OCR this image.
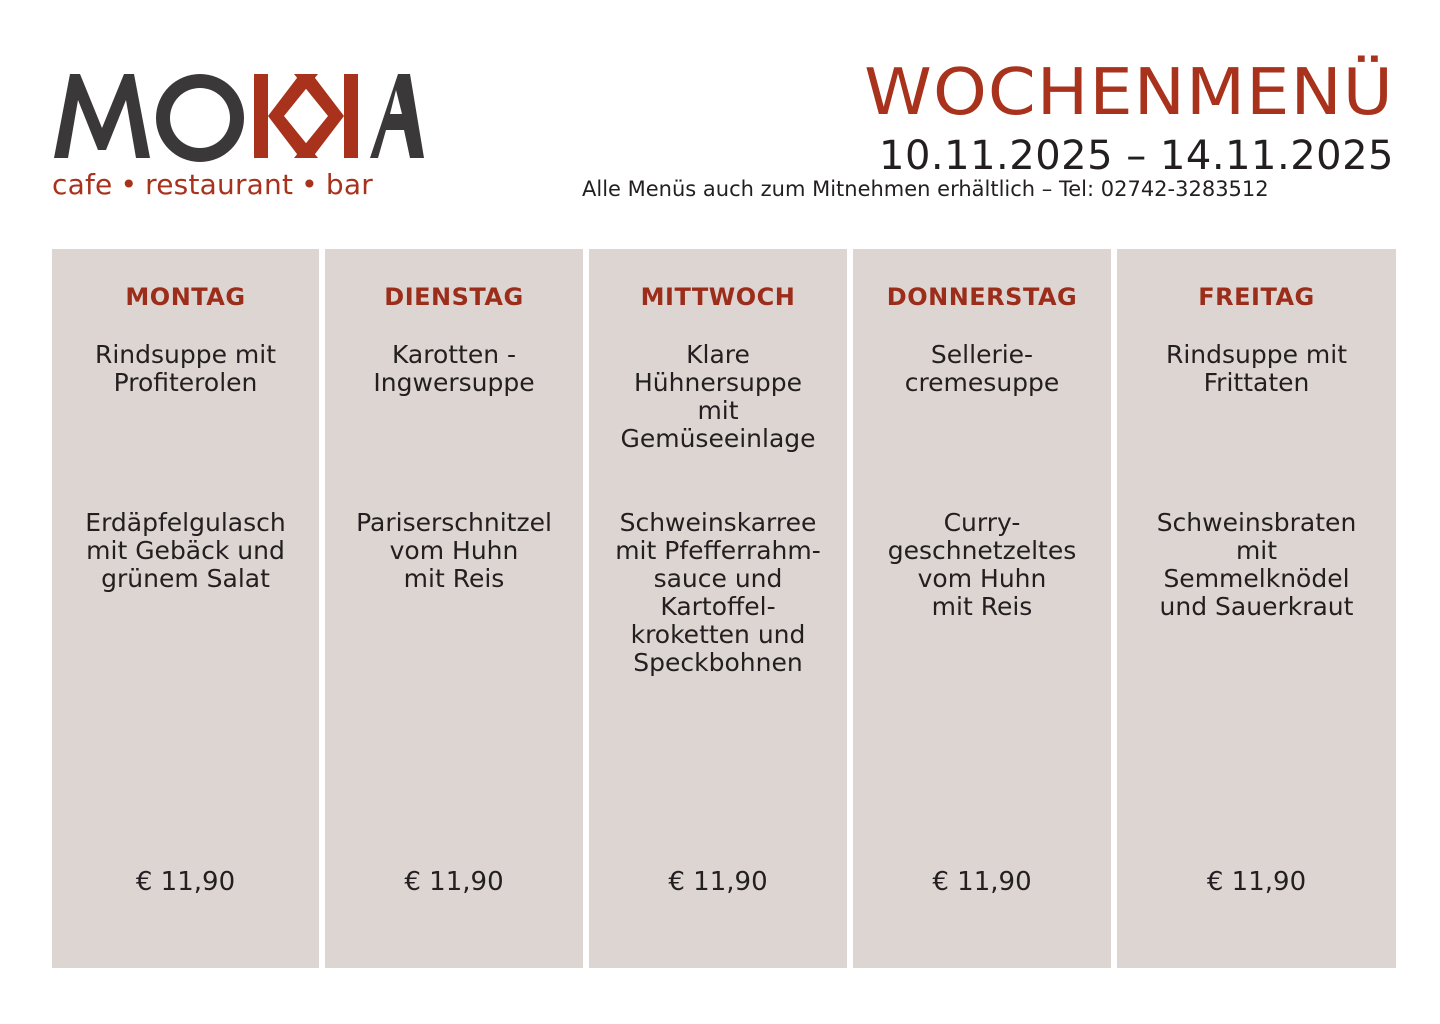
cafe • restaurant • bar
WOCHENMENÜ
10.11.2025 – 14.11.2025
Alle Menüs auch zum Mitnehmen erhältlich – Tel: 02742-3283512
MONTAG
Rindsuppe mit
Profiterolen
Erdäpfelgulasch
mit Gebäck und
grünem Salat
€ 11,90
DIENSTAG
Karotten -
Ingwersuppe
Pariserschnitzel
vom Huhn
mit Reis
€ 11,90
MITTWOCH
Klare
Hühnersuppe
mit
Gemüseeinlage
Schweinskarree
mit Pfefferrahm-
sauce und
Kartoffel-
kroketten und
Speckbohnen
€ 11,90
DONNERSTAG
Sellerie-
cremesuppe
Curry-
geschnetzeltes
vom Huhn
mit Reis
€ 11,90
FREITAG
Rindsuppe mit
Frittaten
Schweinsbraten
mit
Semmelknödel
und Sauerkraut
€ 11,90
